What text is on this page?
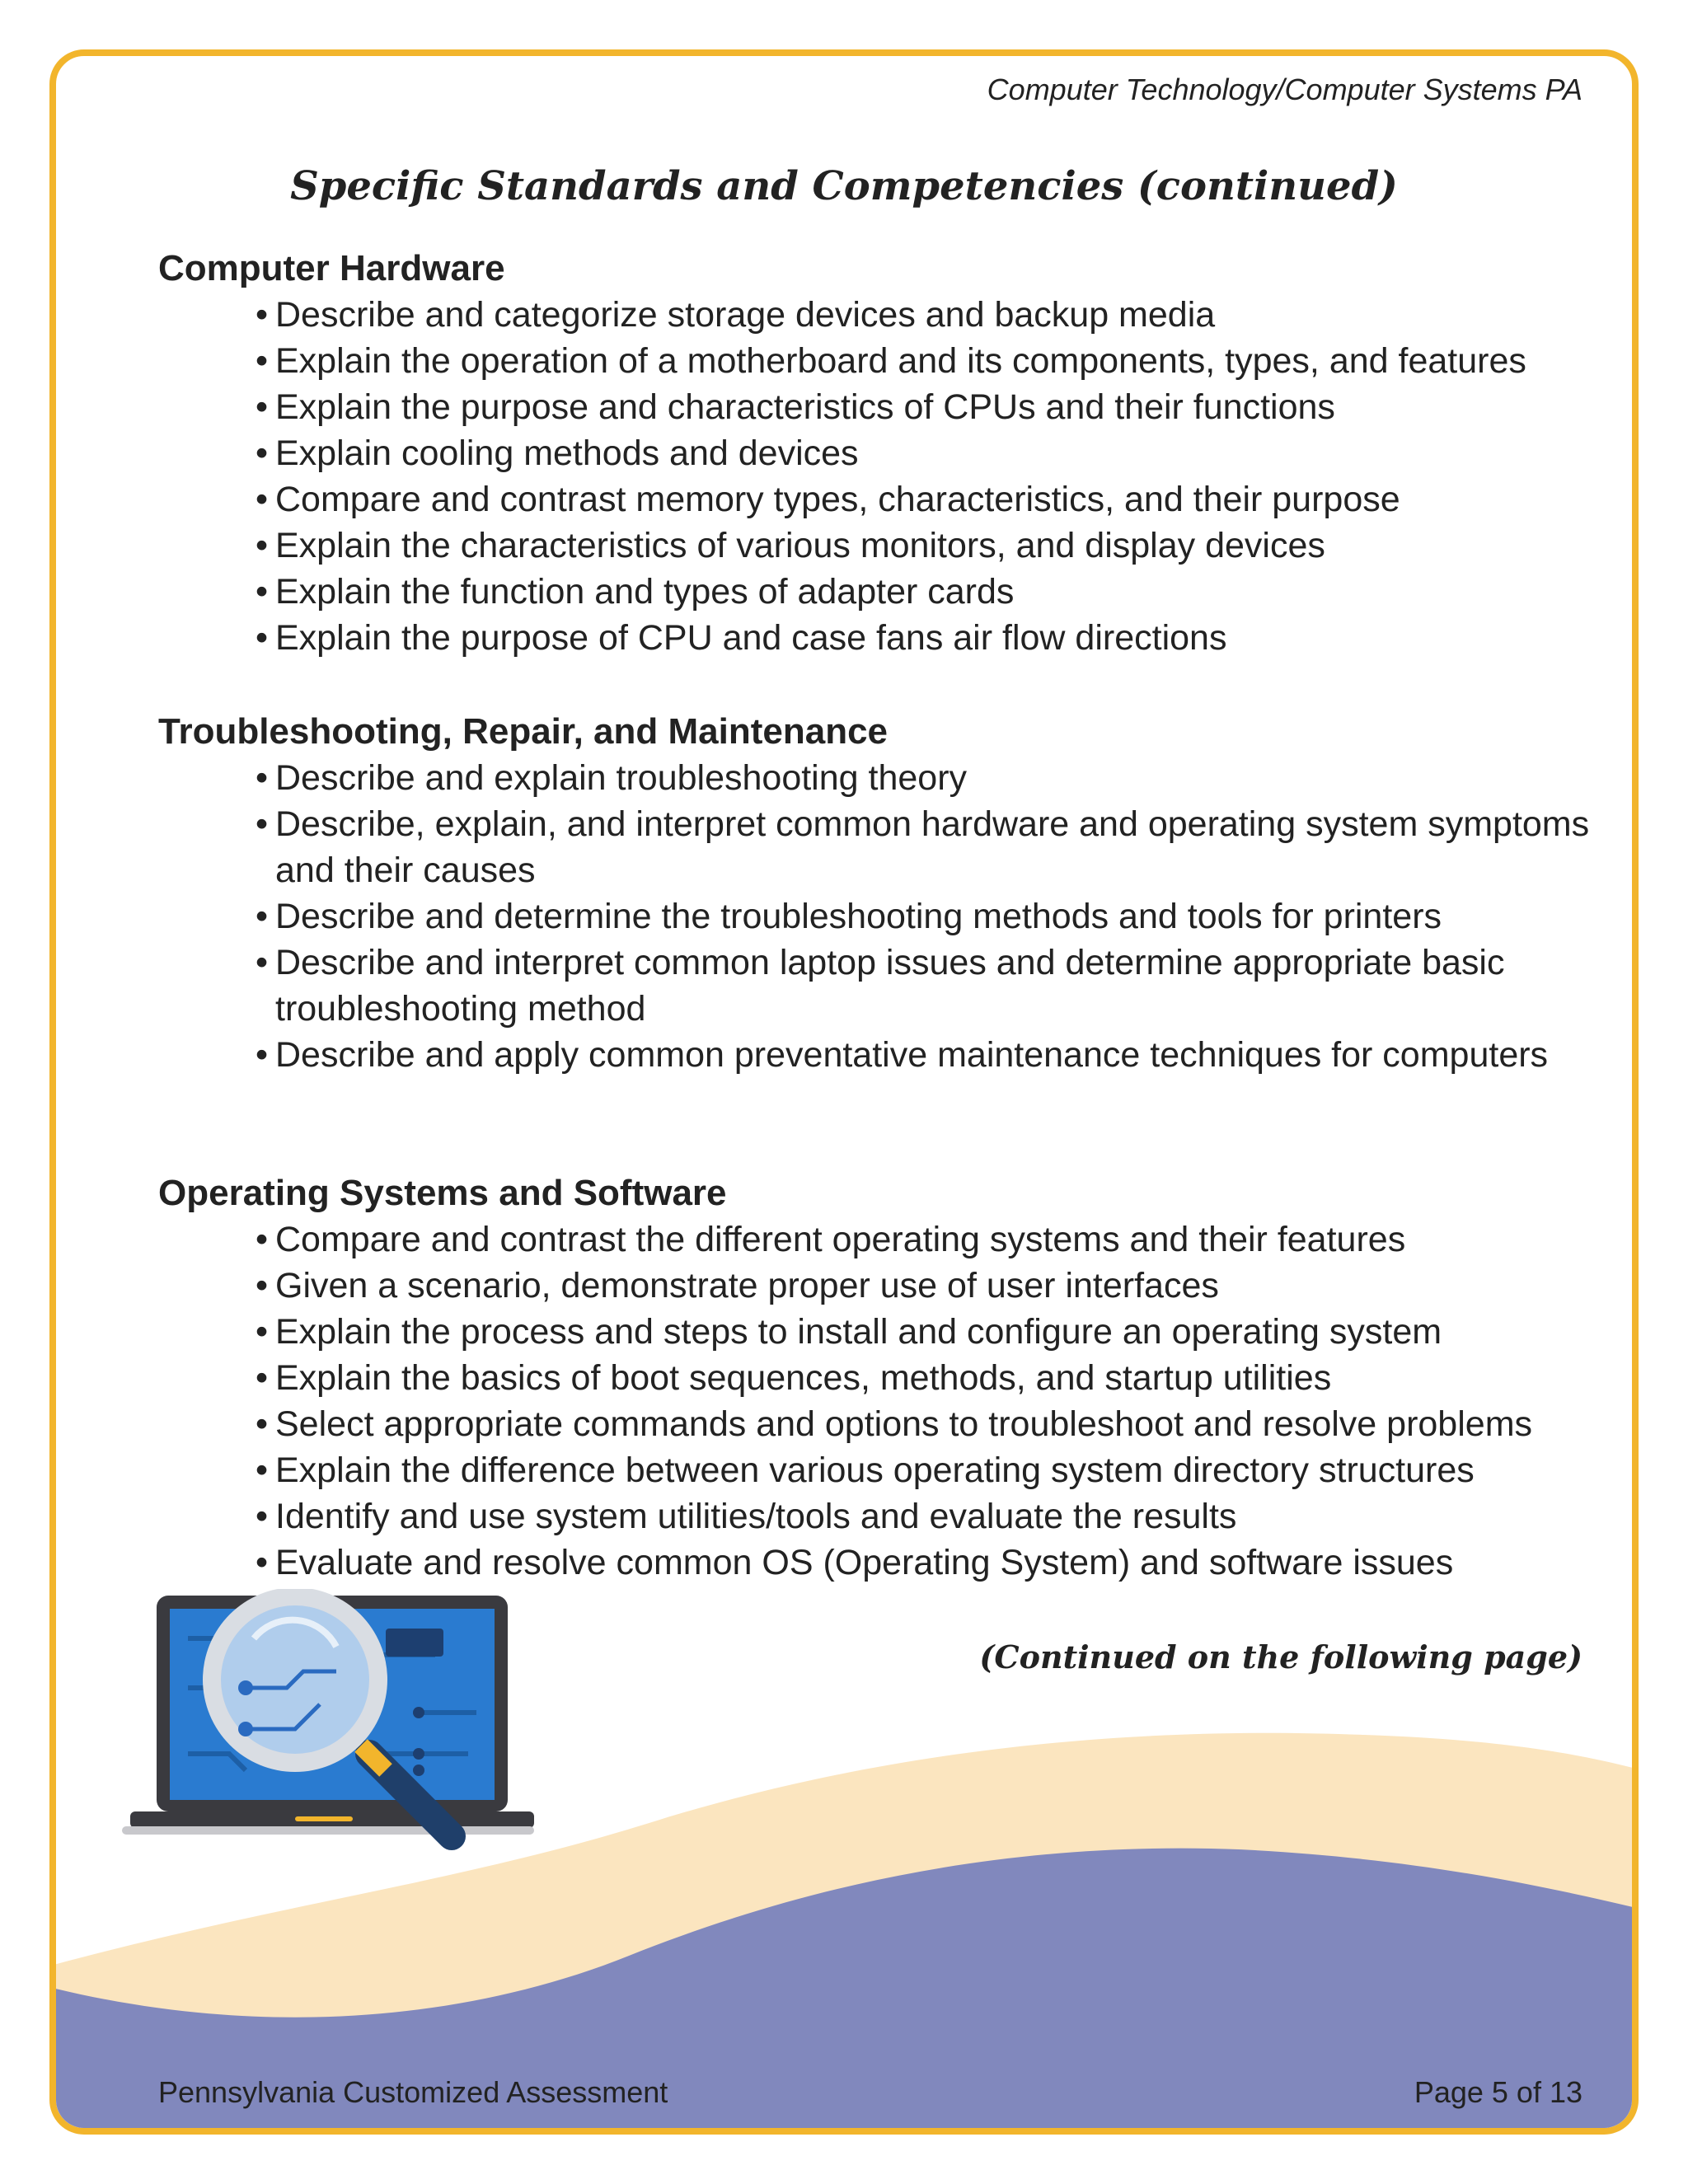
Computer Technology/Computer Systems PA
Specific Standards and Competencies (continued)
Computer Hardware
• Describe and categorize storage devices and backup media
• Explain the operation of a motherboard and its components, types, and features
• Explain the purpose and characteristics of CPUs and their functions
• Explain cooling methods and devices
• Compare and contrast memory types, characteristics, and their purpose
• Explain the characteristics of various monitors, and display devices
• Explain the function and types of adapter cards
• Explain the purpose of CPU and case fans air flow directions
Troubleshooting, Repair, and Maintenance
• Describe and explain troubleshooting theory
• Describe, explain, and interpret common hardware and operating system symptoms and their causes
• Describe and determine the troubleshooting methods and tools for printers
• Describe and interpret common laptop issues and determine appropriate basic troubleshooting method
• Describe and apply common preventative maintenance techniques for computers
Operating Systems and Software
• Compare and contrast the different operating systems and their features
• Given a scenario, demonstrate proper use of user interfaces
• Explain the process and steps to install and configure an operating system
• Explain the basics of boot sequences, methods, and startup utilities
• Select appropriate commands and options to troubleshoot and resolve problems
• Explain the difference between various operating system directory structures
• Identify and use system utilities/tools and evaluate the results
• Evaluate and resolve common OS (Operating System) and software issues
(Continued on the following page)
Pennsylvania Customized Assessment	Page 5 of 13
